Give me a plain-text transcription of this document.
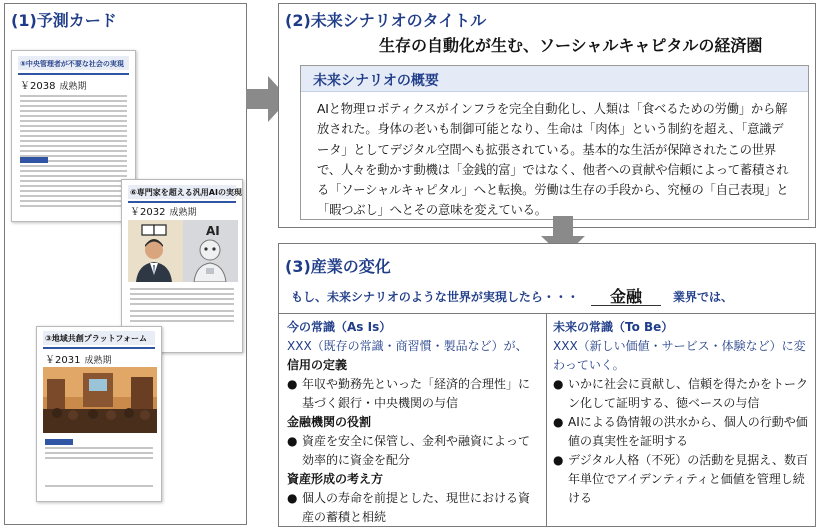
(1)予測カード
⑤中央管理者が不要な社会の実現
￥2038 成熟期
⑥専門家を超える汎用AIの実現
￥2032 成熟期
AI
③地域共創プラットフォーム
￥2031 成熟期
(2)未来シナリオのタイトル
生存の自動化が生む、ソーシャルキャピタルの経済圏
未来シナリオの概要
AIと物理ロボティクスがインフラを完全自動化し、人類は「食べるための労働」から解放された。身体の老いも制御可能となり、生命は「肉体」という制約を超え、「意識データ」としてデジタル空間へも拡張されている。基本的な生活が保障されたこの世界で、人々を動かす動機は「金銭的富」ではなく、他者への貢献や信頼によって蓄積される「ソーシャルキャピタル」へと転換。労働は生存の手段から、究極の「自己表現」と「暇つぶし」へとその意味を変えている。
(3)産業の変化
もし、未来シナリオのような世界が実現したら・・・	金融	業界では、
今の常識（As Is）
XXX（既存の常識・商習慣・製品など）が、
信用の定義
● 年収や勤務先といった「経済的合理性」に基づく銀行・中央機関の与信
金融機関の役割
● 資産を安全に保管し、金利や融資によって効率的に資金を配分
資産形成の考え方
● 個人の寿命を前提とした、現世における資産の蓄積と相続
未来の常識（To Be）
XXX（新しい価値・サービス・体験など）に変わっていく。
● いかに社会に貢献し、信頼を得たかをトークン化して証明する、徳ベースの与信
● AIによる偽情報の洪水から、個人の行動や価値の真実性を証明する
● デジタル人格（不死）の活動を見据え、数百年単位でアイデンティティと価値を管理し続ける
